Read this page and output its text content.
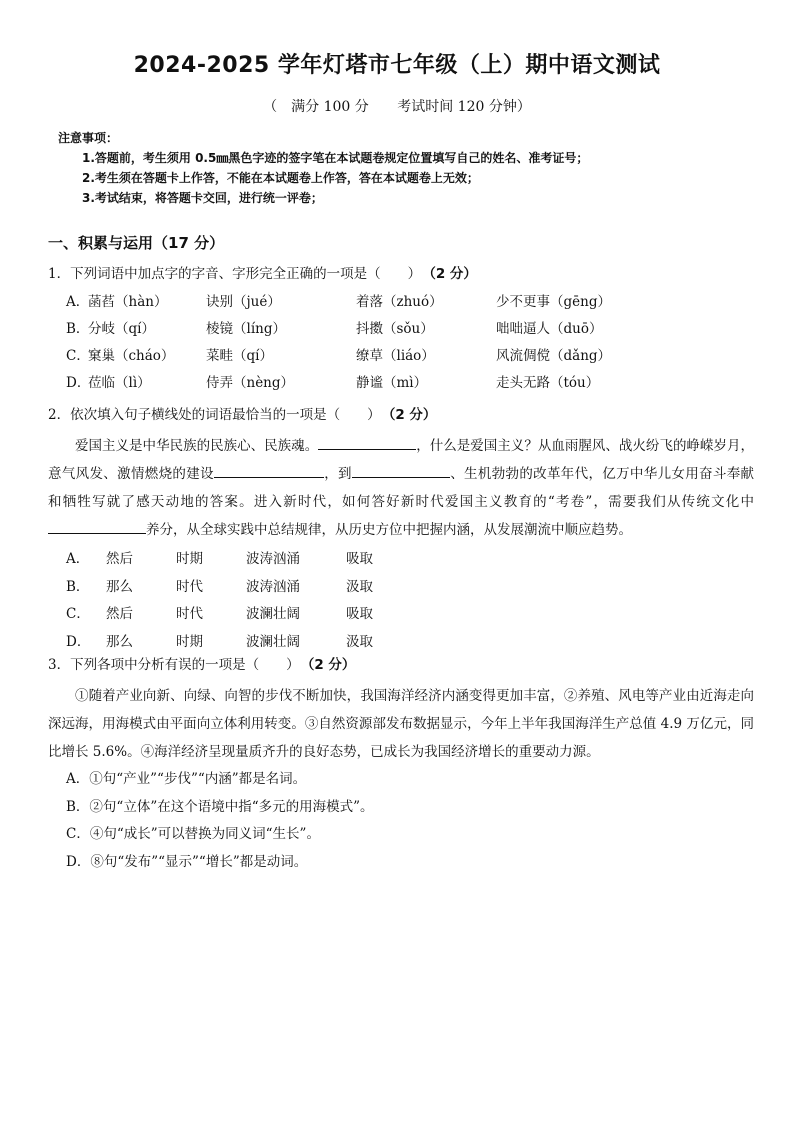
2024-2025 学年灯塔市七年级（上）期中语文测试
（　满分 100 分 考试时间 120 分钟）
注意事项：
1.答题前，考生须用 0.5㎜黑色字迹的签字笔在本试题卷规定位置填写自己的姓名、准考证号；
2.考生须在答题卡上作答，不能在本试题卷上作答，答在本试题卷上无效；
3.考试结束，将答题卡交回，进行统一评卷；
一、积累与运用（17 分）
1．下列词语中加点字的字音、字形完全正确的一项是（　　） （2 分）
A．
菡萏（hàn）	诀别（jué）	着落（zhuó）	少不更事（gēng）
B．
分岐（qí）	棱镜（líng）	抖擞（sǒu）	咄咄逼人（duō）
C．
窠巢（cháo）	菜畦（qí）	缭草（liáo）	风流倜傥（dǎng）
D．
莅临（lì）	侍弄（nèng）	静谧（mì）	走头无路（tóu）
2．依次填入句子横线处的词语最恰当的一项是（　　） （2 分）
爱国主义是中华民族的民族心、民族魂。	，什么是爱国主义？从血雨腥风、战火纷飞的峥嵘岁月，意气风发、激情燃烧的建设	，到	、生机勃勃的改革年代，亿万中华儿女用奋斗奉献和牺牲写就了感天动地的答案。进入新时代，如何答好新时代爱国主义教育的“考卷”，需要我们从传统文化中养分，从全球实践中总结规律，从历史方位中把握内涵，从发展潮流中顺应趋势。
A．	然后	时期	波涛汹涌	吸取
B．	那么	时代	波涛汹涌	汲取
C．	然后	时代	波澜壮阔	吸取
D．	那么	时期	波澜壮阔	汲取
3．下列各项中分析有误的一项是（　　） （2 分）
①随着产业向新、向绿、向智的步伐不断加快，我国海洋经济内涵变得更加丰富，②养殖、风电等产业由近海走向深远海，用海模式由平面向立体利用转变。③自然资源部发布数据显示，今年上半年我国海洋生产总值 4.9 万亿元，同比增长 5.6%。④海洋经济呈现量质齐升的良好态势，已成长为我国经济增长的重要动力源。
A．①句“产业”“步伐”“内涵”都是名词。
B．②句“立体”在这个语境中指“多元的用海模式”。
C．④句“成长”可以替换为同义词“生长”。
D．⑧句“发布”“显示”“增长”都是动词。
